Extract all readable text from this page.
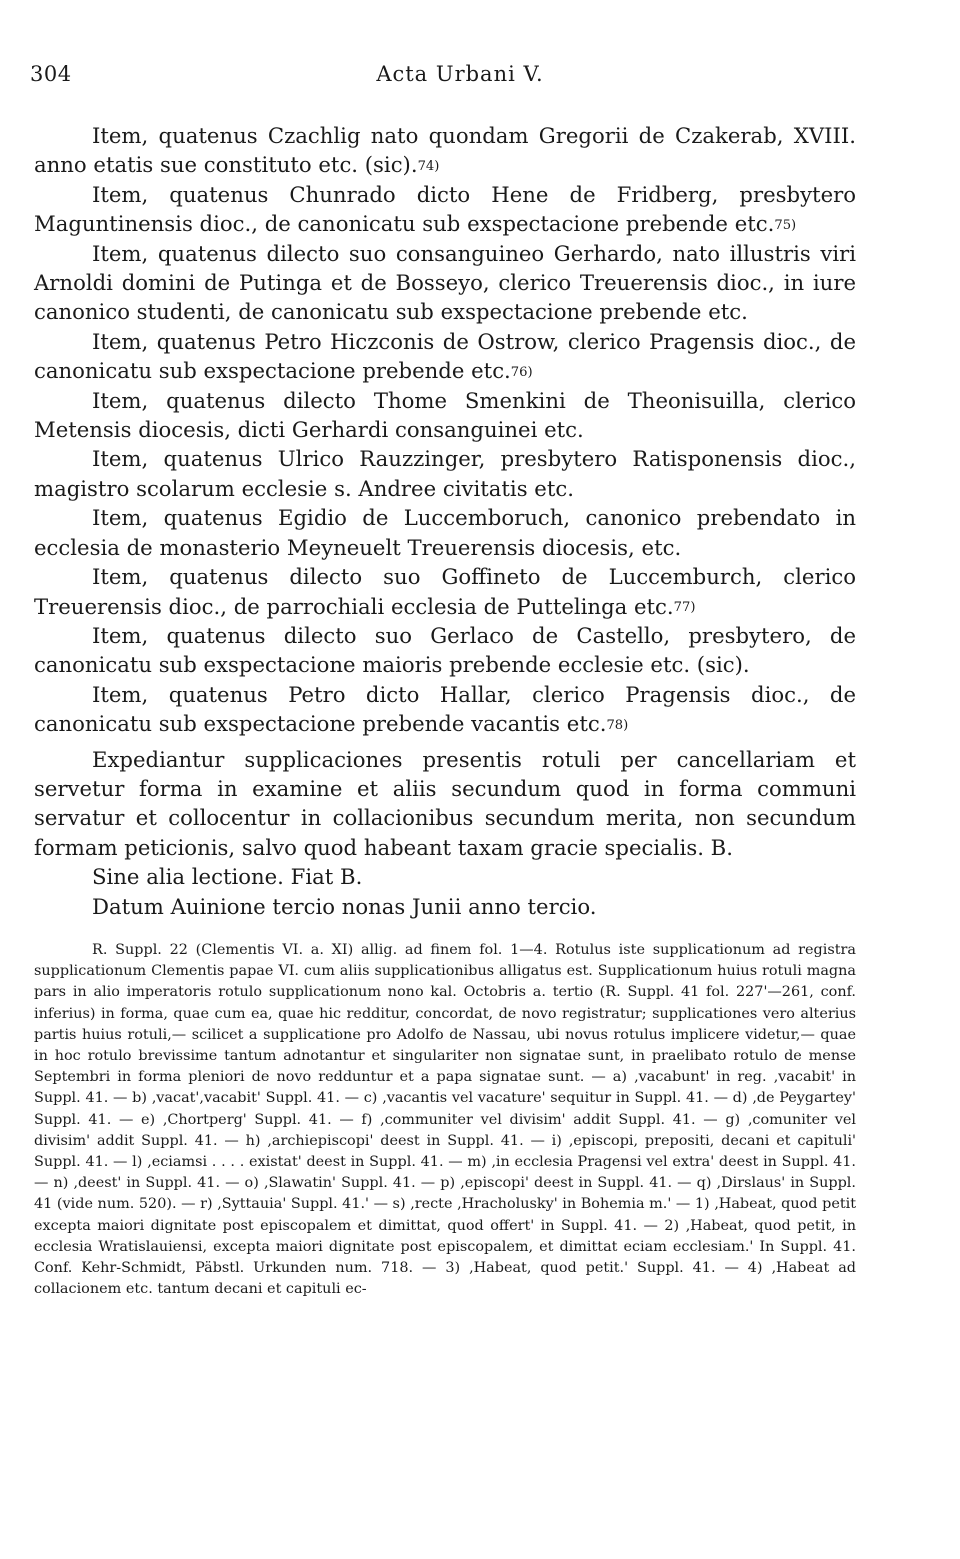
304	Acta Urbani V.

Item, quatenus Czachlig nato quondam Gregorii de Czakerab, XVIII. anno etatis sue constituto etc. (sic).$^{74)}$

Item, quatenus Chunrado dicto Hene de Fridberg, presbytero Maguntinensis dioc., de canonicatu sub exspectacione prebende etc.$^{75)}$

Item, quatenus dilecto suo consanguineo Gerhardo, nato illustris viri Arnoldi domini de Putinga et de Bosseyo, clerico Treuerensis dioc., in iure canonico studenti, de canonicatu sub exspectacione prebende etc.

Item, quatenus Petro Hiczconis de Ostrow, clerico Pragensis dioc., de canonicatu sub exspectacione prebende etc.$^{76)}$

Item, quatenus dilecto Thome Smenkini de Theonisuilla, clerico Metensis diocesis, dicti Gerhardi consanguinei etc.

Item, quatenus Ulrico Rauzzinger, presbytero Ratisponensis dioc., magistro scolarum ecclesie s. Andree civitatis etc.

Item, quatenus Egidio de Luccemboruch, canonico prebendato in ecclesia de monasterio Meyneuelt Treuerensis diocesis, etc.

Item, quatenus dilecto suo Goffineto de Luccemburch, clerico Treuerensis dioc., de parrochiali ecclesia de Puttelinga etc.$^{77)}$

Item, quatenus dilecto suo Gerlaco de Castello, presbytero, de canonicatu sub exspectacione maioris prebende ecclesie etc. (sic).

Item, quatenus Petro dicto Hallar, clerico Pragensis dioc., de canonicatu sub exspectacione prebende vacantis etc.$^{78)}$

Expediantur supplicaciones presentis rotuli per cancellariam et servetur forma in examine et aliis secundum quod in forma communi servatur et collocentur in collacionibus secundum merita, non secundum formam peticionis, salvo quod habeant taxam gracie specialis. B.

Sine alia lectione. Fiat B.

Datum Auinione tercio nonas Junii anno tercio.

R. Suppl. 22 (Clementis VI. a. XI) allig. ad finem fol. 1—4. Rotulus iste supplicationum ad registra supplicationum Clementis papae VI. cum aliis supplicationibus alligatus est. Supplicationum huius rotuli magna pars in alio imperatoris rotulo supplicationum nono kal. Octobris a. tertio (R. Suppl. 41 fol. 227'—261, conf. inferius) in forma, quae cum ea, quae hic redditur, concordat, de novo registratur; supplicationes vero alterius partis huius rotuli,— scilicet a supplicatione pro Adolfo de Nassau, ubi novus rotulus implicere videtur,— quae in hoc rotulo brevissime tantum adnotantur et singulariter non signatae sunt, in praelibato rotulo de mense Septembri in forma pleniori de novo redduntur et a papa signatae sunt. — a) ‚vacabunt' in reg. ‚vacabit' in Suppl. 41. — b) ‚vacat',vacabit' Suppl. 41. — c) ‚vacantis vel vacature' sequitur in Suppl. 41. — d) ‚de Peygartey' Suppl. 41. — e) ‚Chortperg' Suppl. 41. — f) ‚communiter vel divisim' addit Suppl. 41. — g) ‚comuniter vel divisim' addit Suppl. 41. — h) ‚archiepiscopi' deest in Suppl. 41. — i) ‚episcopi, prepositi, decani et capituli' Suppl. 41. — l) ‚eciamsi . . . . existat' deest in Suppl. 41. — m) ‚in ecclesia Pragensi vel extra' deest in Suppl. 41. — n) ‚deest' in Suppl. 41. — o) ‚Slawatin' Suppl. 41. — p) ‚episcopi' deest in Suppl. 41. — q) ‚Dirslaus' in Suppl. 41 (vide num. 520). — r) ‚Syttauia' Suppl. 41.' — s) ‚recte ‚Hracholusky' in Bohemia m.' — 1) ‚Habeat, quod petit excepta maiori dignitate post episcopalem et dimittat, quod offert' in Suppl. 41. — 2) ‚Habeat, quod petit, in ecclesia Wratislauiensi, excepta maiori dignitate post episcopalem, et dimittat eciam ecclesiam.' In Suppl. 41. Conf. Kehr-Schmidt, Päbstl. Urkunden num. 718. — 3) ‚Habeat, quod petit.' Suppl. 41. — 4) ‚Habeat ad collacionem etc. tantum decani et capituli ec-
